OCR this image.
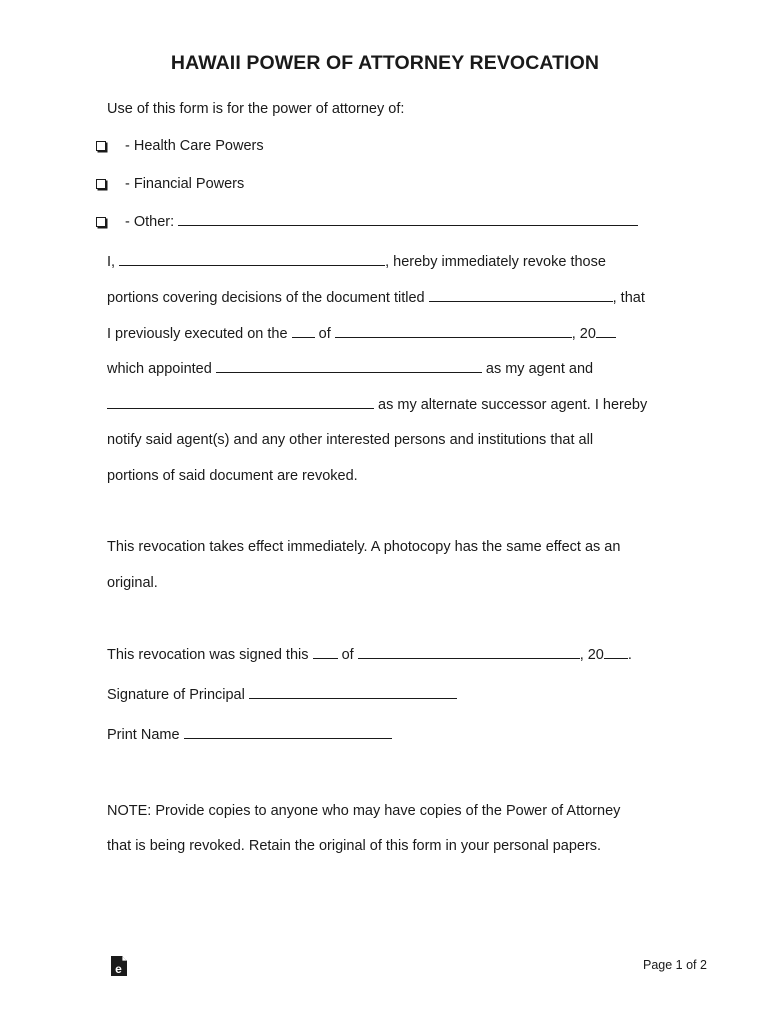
HAWAII POWER OF ATTORNEY REVOCATION
Use of this form is for the power of attorney of:
- Health Care Powers
- Financial Powers
- Other:
I,	, hereby immediately revoke those
portions covering decisions of the document titled	, that
I previously executed on the of	, 20
which appointed	as my agent and
as my alternate successor agent. I hereby
notify said agent(s) and any other interested persons and institutions that all
portions of said document are revoked.
This revocation takes effect immediately. A photocopy has the same effect as an
original.
This revocation was signed this of	, 20 .
Signature of Principal
Print Name
NOTE: Provide copies to anyone who may have copies of the Power of Attorney
that is being revoked. Retain the original of this form in your personal papers.
e	Page 1 of 2
